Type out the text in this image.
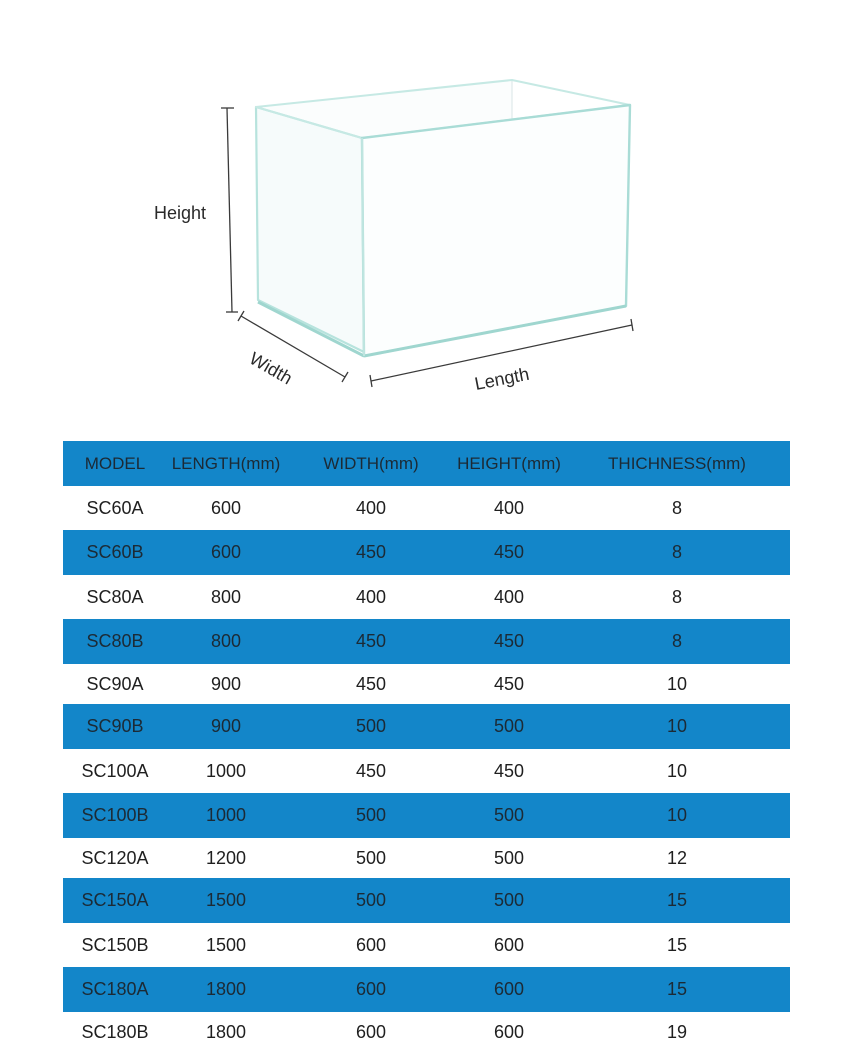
Height
Width	Length
MODEL	LENGTH(mm)	WIDTH(mm)	HEIGHT(mm)	THICHNESS(mm)
SC60A	600	400	400	8
SC60B	600	450	450	8
SC80A	800	400	400	8
SC80B	800	450	450	8
SC90A	900	450	450	10
SC90B	900	500	500	10
SC100A	1000	450	450	10
SC100B	1000	500	500	10
SC120A	1200	500	500	12
SC150A	1500	500	500	15
SC150B	1500	600	600	15
SC180A	1800	600	600	15
SC180B	1800	600	600	19
